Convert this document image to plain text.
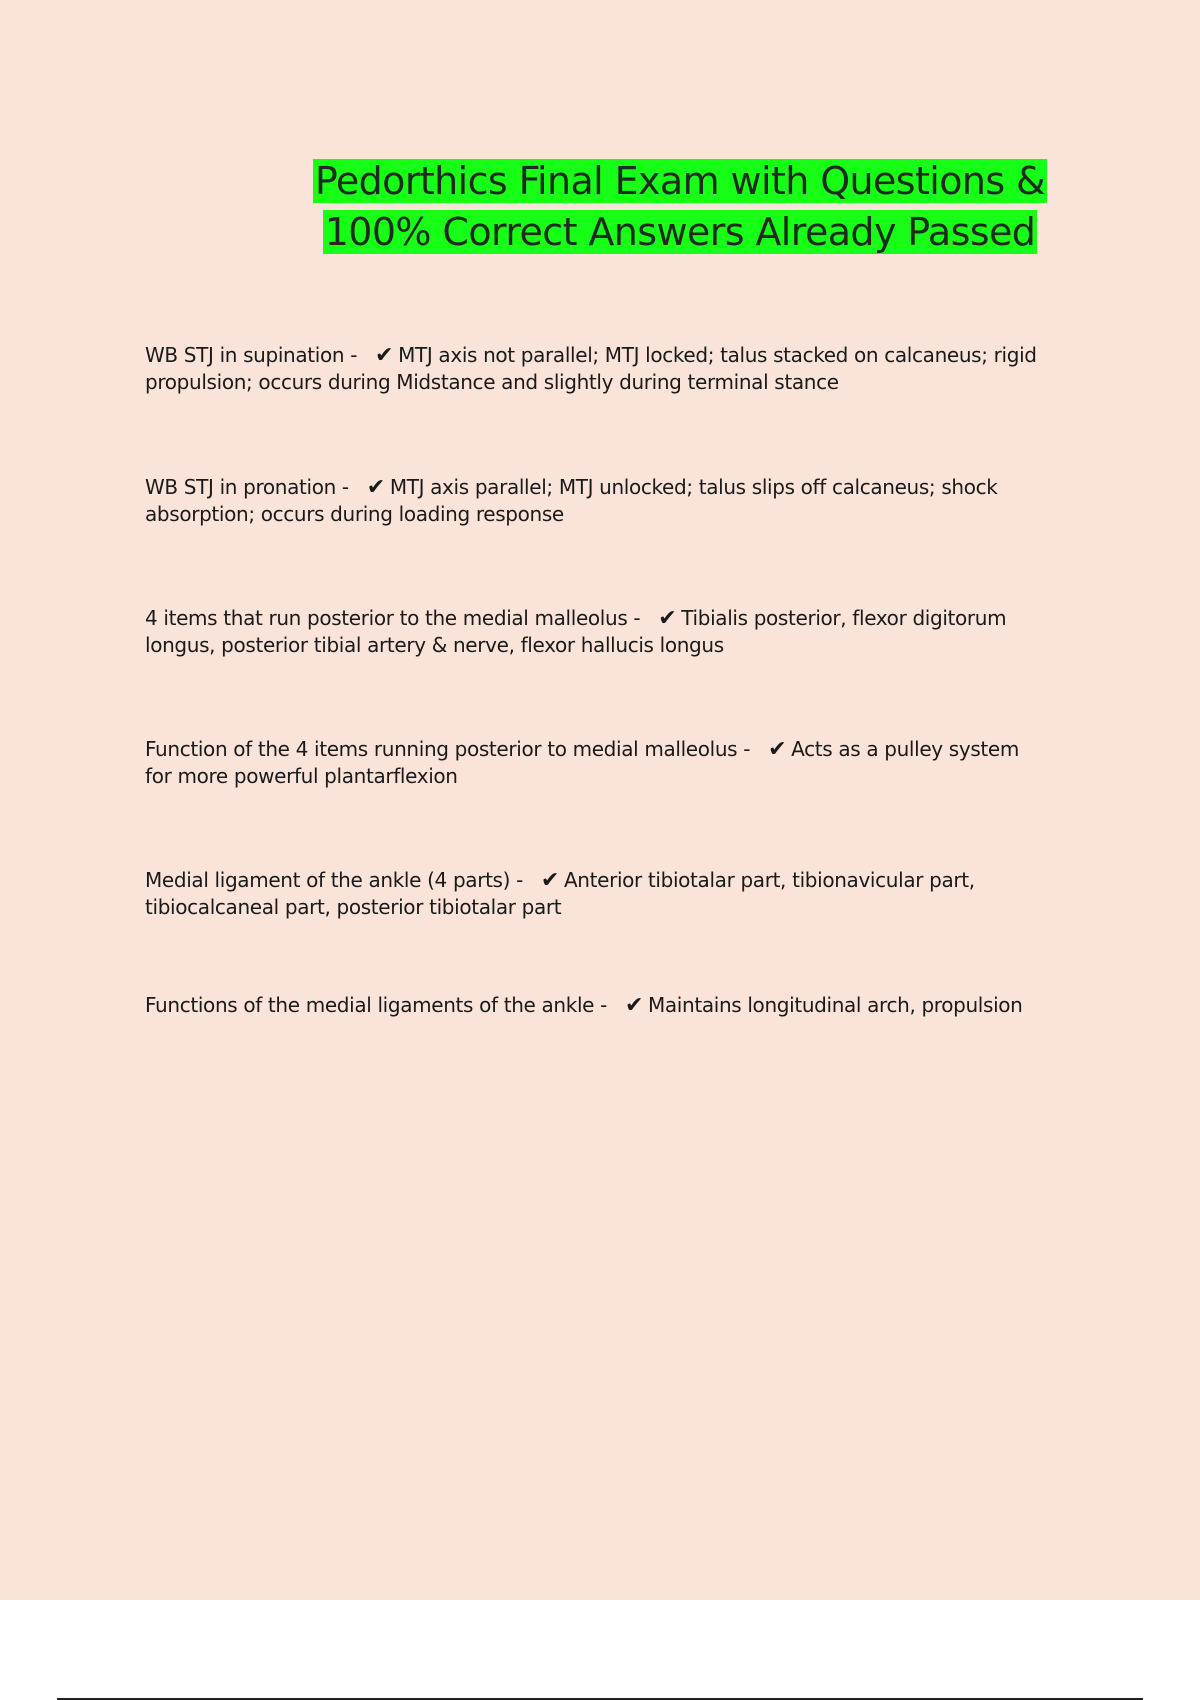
Pedorthics Final Exam with Questions &
100% Correct Answers Already Passed
WB STJ in supination - ✔ MTJ axis not parallel; MTJ locked; talus stacked on calcaneus; rigid propulsion; occurs during Midstance and slightly during terminal stance
WB STJ in pronation - ✔ MTJ axis parallel; MTJ unlocked; talus slips off calcaneus; shock absorption; occurs during loading response
4 items that run posterior to the medial malleolus - ✔ Tibialis posterior, flexor digitorum longus, posterior tibial artery & nerve, flexor hallucis longus
Function of the 4 items running posterior to medial malleolus - ✔ Acts as a pulley system for more powerful plantarflexion
Medial ligament of the ankle (4 parts) - ✔ Anterior tibiotalar part, tibionavicular part, tibiocalcaneal part, posterior tibiotalar part
Functions of the medial ligaments of the ankle - ✔ Maintains longitudinal arch, propulsion
